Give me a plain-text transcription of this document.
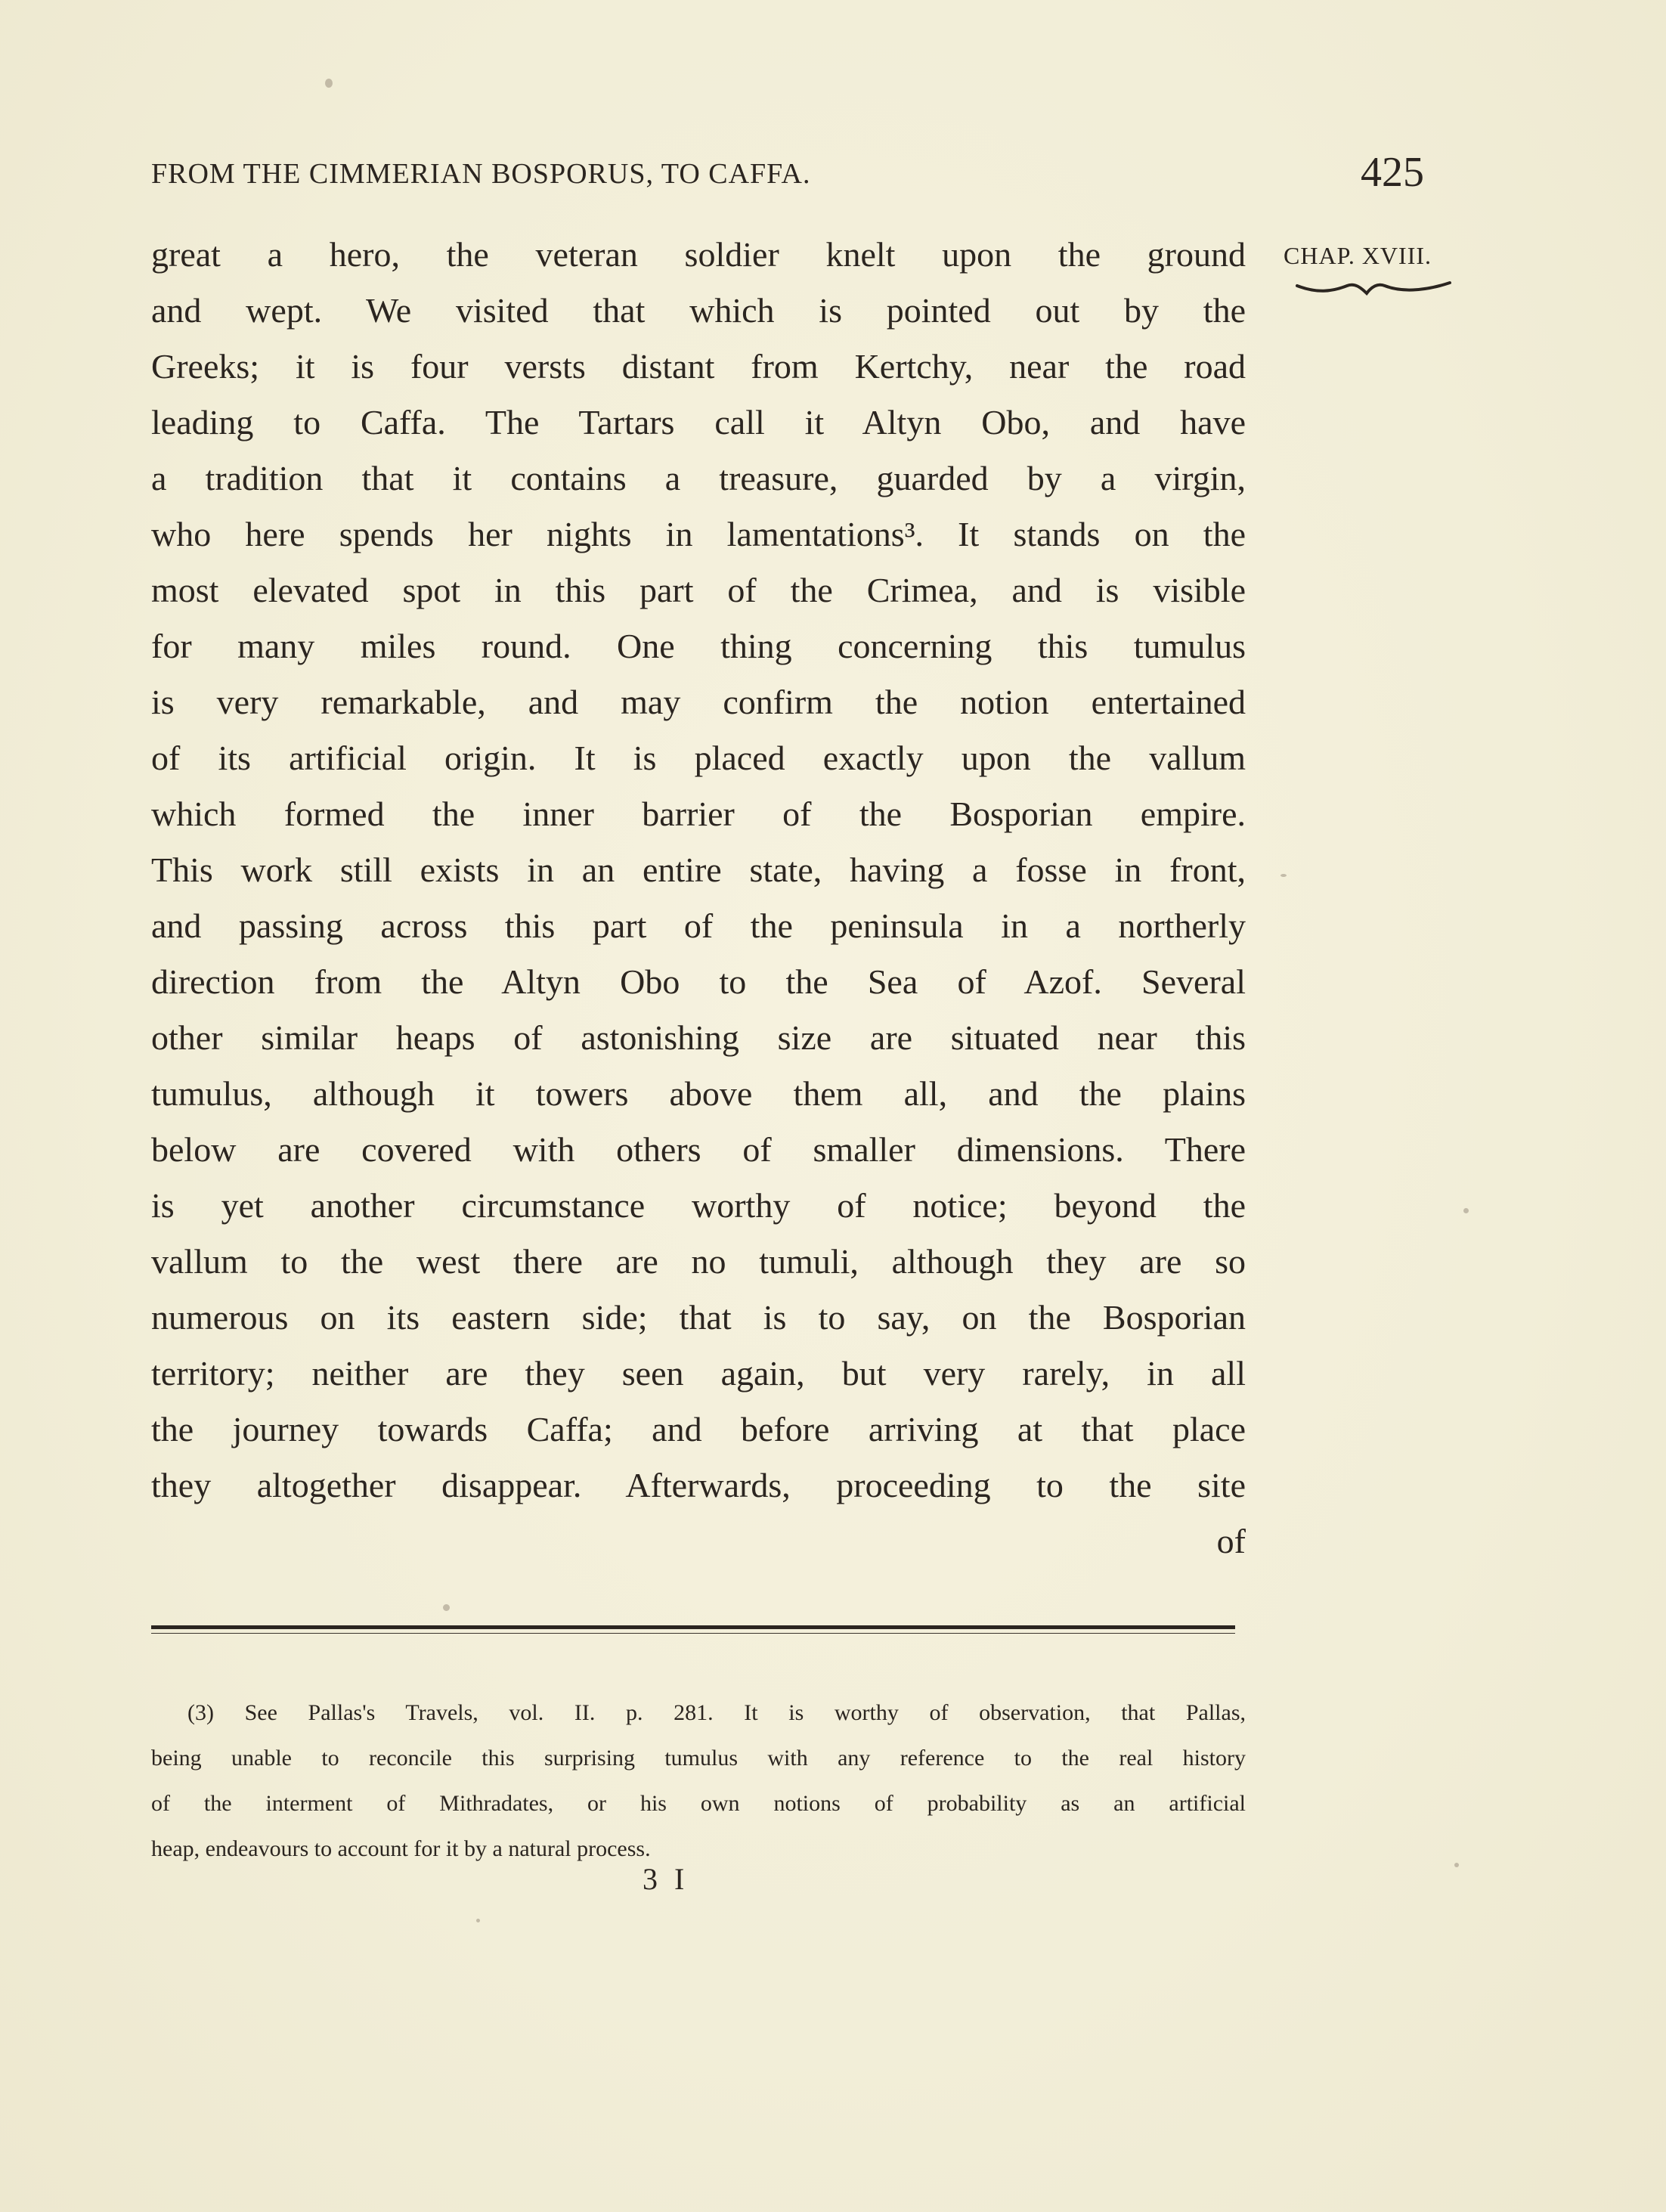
FROM THE CIMMERIAN BOSPORUS, TO CAFFA.	425
CHAP. XVIII.
great a hero, the veteran soldier knelt upon the ground
and wept. We visited that which is pointed out by the
Greeks; it is four versts distant from Kertchy, near the road
leading to Caffa. The Tartars call it Altyn Obo, and have
a tradition that it contains a treasure, guarded by a virgin,
who here spends her nights in lamentations³. It stands on the
most elevated spot in this part of the Crimea, and is visible
for many miles round. One thing concerning this tumulus
is very remarkable, and may confirm the notion entertained
of its artificial origin. It is placed exactly upon the vallum
which formed the inner barrier of the Bosporian empire.
This work still exists in an entire state, having a fosse in front,
and passing across this part of the peninsula in a northerly
direction from the Altyn Obo to the Sea of Azof. Several
other similar heaps of astonishing size are situated near this
tumulus, although it towers above them all, and the plains
below are covered with others of smaller dimensions. There
is yet another circumstance worthy of notice; beyond the
vallum to the west there are no tumuli, although they are so
numerous on its eastern side; that is to say, on the Bosporian
territory; neither are they seen again, but very rarely, in all
the journey towards Caffa; and before arriving at that place
they altogether disappear. Afterwards, proceeding to the site
of
(3) See Pallas's Travels, vol. II. p. 281. It is worthy of observation, that Pallas,
being unable to reconcile this surprising tumulus with any reference to the real history
of the interment of Mithradates, or his own notions of probability as an artificial
heap, endeavours to account for it by a natural process.
3 I
